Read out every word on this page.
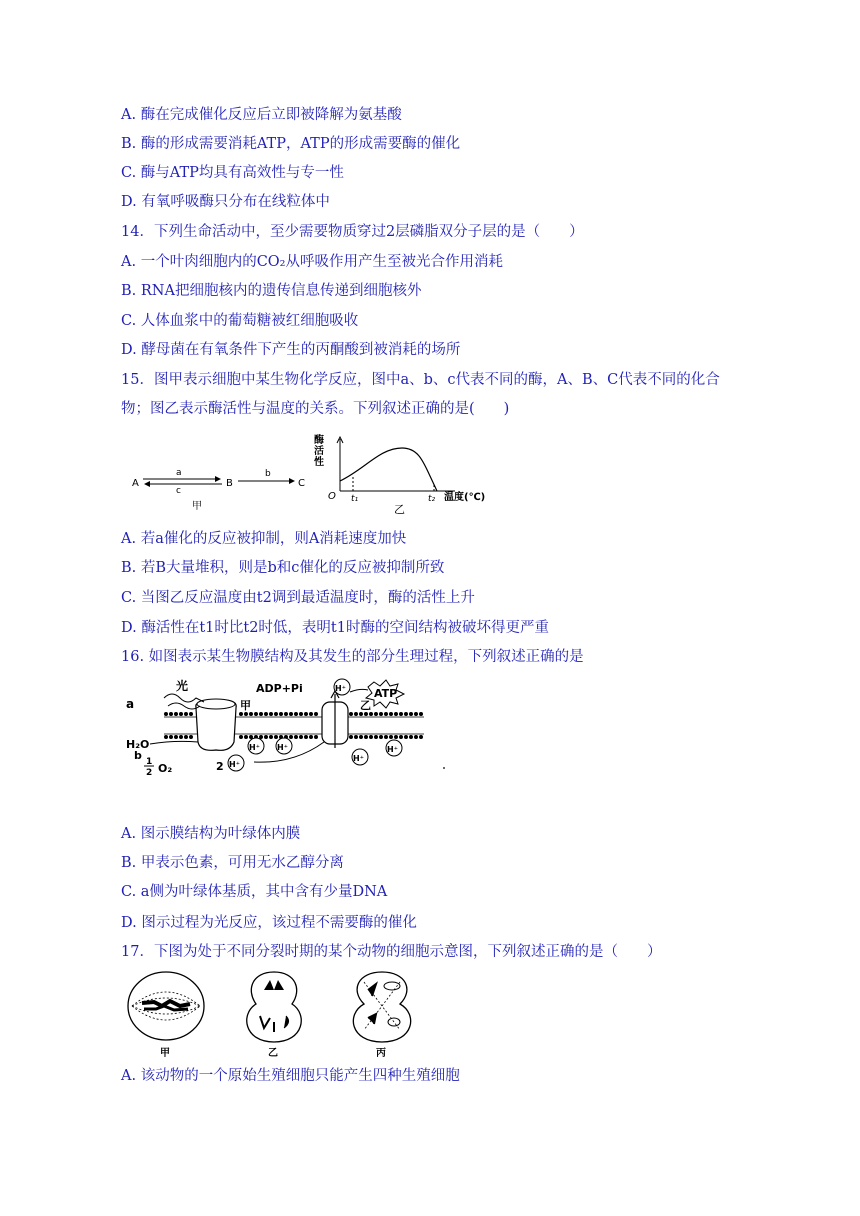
A. 酶在完成催化反应后立即被降解为氨基酸
B. 酶的形成需要消耗ATP，ATP的形成需要酶的催化
C. 酶与ATP均具有高效性与专一性
D. 有氧呼吸酶只分布在线粒体中
14．下列生命活动中，至少需要物质穿过2层磷脂双分子层的是（　　）
A. 一个叶肉细胞内的CO₂从呼吸作用产生至被光合作用消耗
B. RNA把细胞核内的遗传信息传递到细胞核外
C. 人体血浆中的葡萄糖被红细胞吸收
D. 酵母菌在有氧条件下产生的丙酮酸到被消耗的场所
15．图甲表示细胞中某生物化学反应，图中a、b、c代表不同的酶，A、B、C代表不同的化合
物；图乙表示酶活性与温度的关系。下列叙述正确的是(　　)
A
a
c
B
b
C
甲
酶
活
性
O t₁	t₂ 温度(℃)
乙
A. 若a催化的反应被抑制，则A消耗速度加快
B. 若B大量堆积，则是b和c催化的反应被抑制所致
C. 当图乙反应温度由t2调到最适温度时，酶的活性上升
D. 酶活性在t1时比t2时低，表明t1时酶的空间结构被破坏得更严重
16. 如图表示某生物膜结构及其发生的部分生理过程，下列叙述正确的是
光
a	甲
ADP+Pi	H⁺	ATP
乙
H₂O
b 1
2 O₂	2 H⁺
H⁺ H⁺	H⁺
H⁺
A. 图示膜结构为叶绿体内膜
B. 甲表示色素，可用无水乙醇分离
C. a侧为叶绿体基质，其中含有少量DNA
D. 图示过程为光反应，该过程不需要酶的催化
17．下图为处于不同分裂时期的某个动物的细胞示意图，下列叙述正确的是（　　）
甲	乙	丙
A. 该动物的一个原始生殖细胞只能产生四种生殖细胞
